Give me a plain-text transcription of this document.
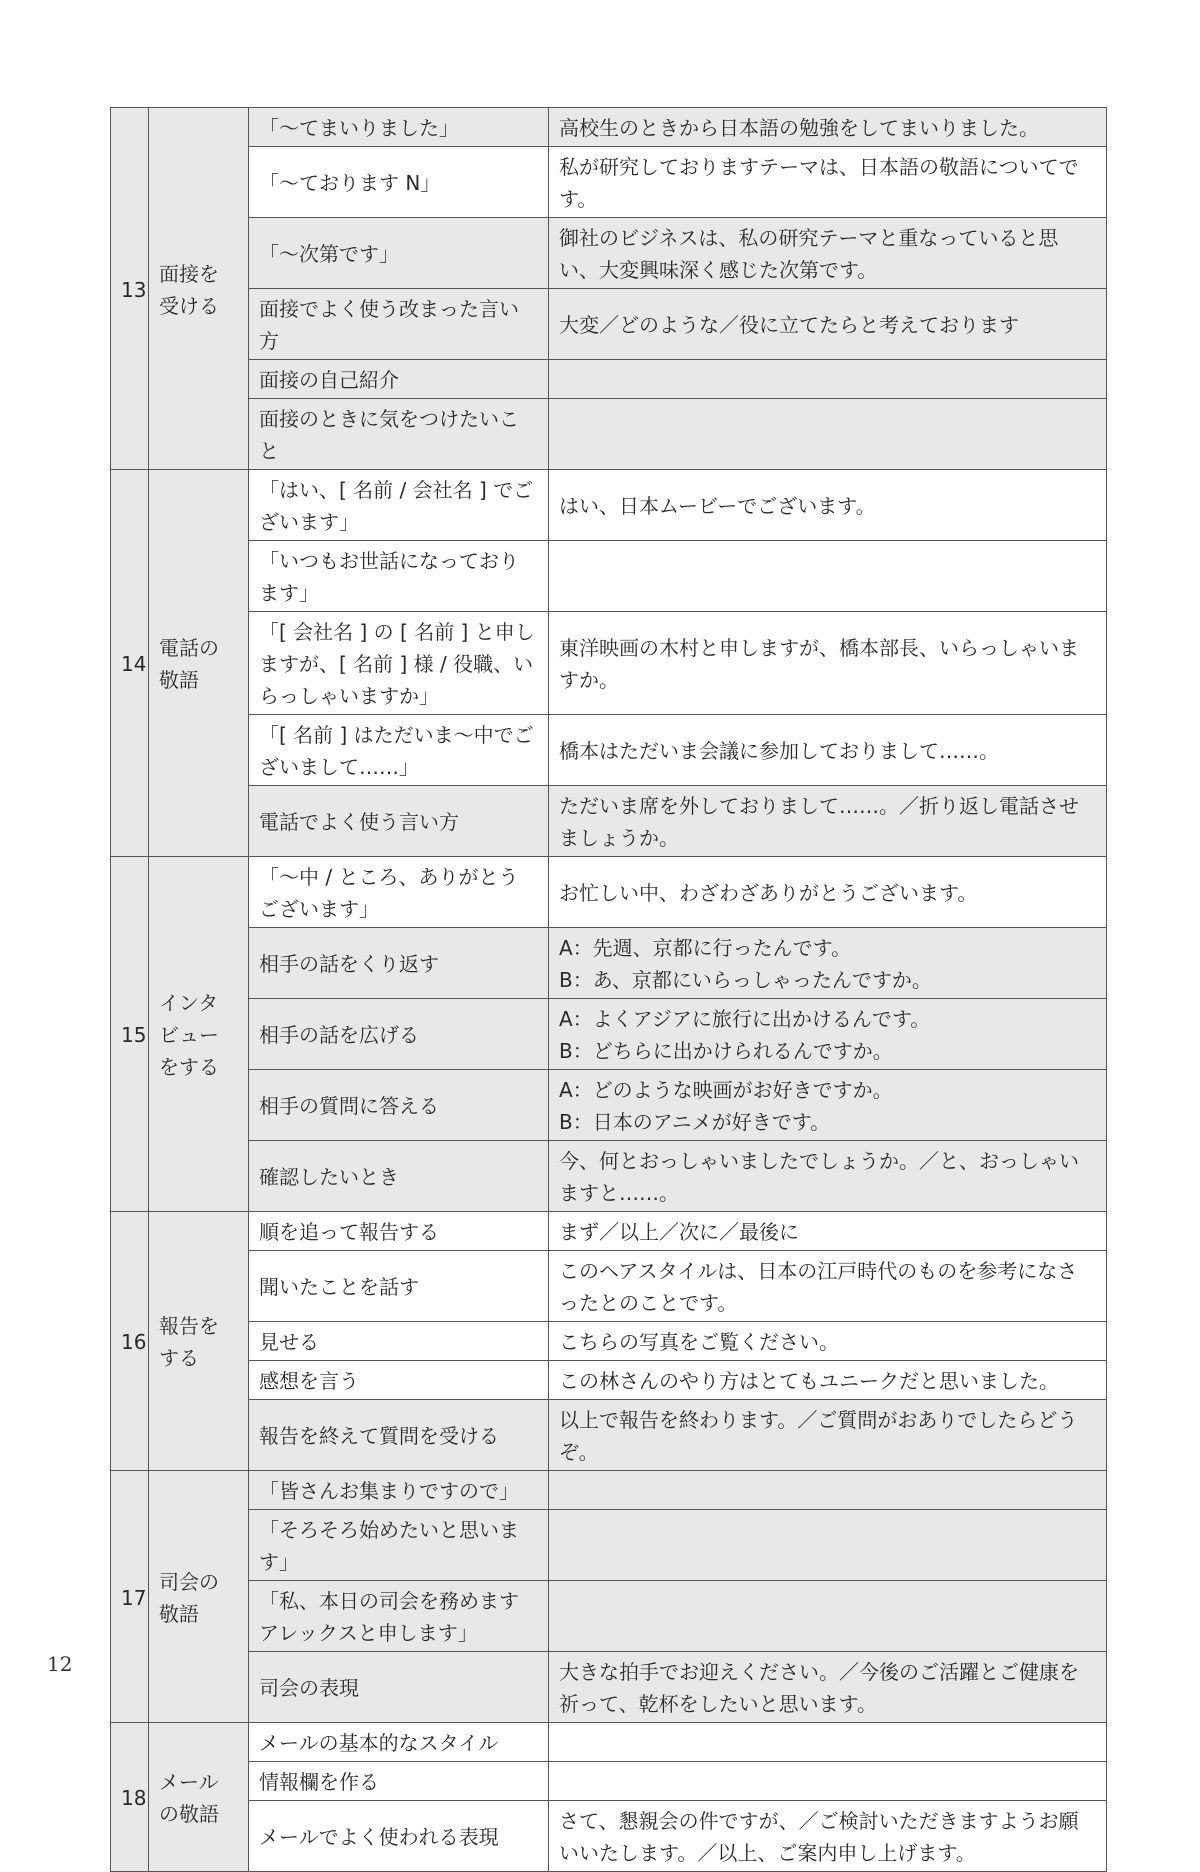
13	面接を受ける	「～てまいりました」	高校生のときから日本語の勉強をしてまいりました。
		「～ております N」	私が研究しておりますテーマは、日本語の敬語についてです。
		「～次第です」	御社のビジネスは、私の研究テーマと重なっていると思い、大変興味深く感じた次第です。
		面接でよく使う改まった言い方	大変／どのような／役に立てたらと考えております
		面接の自己紹介	
		面接のときに気をつけたいこと	
14	電話の敬語	「はい、[ 名前 / 会社名 ] でございます」	はい、日本ムービーでございます。
		「いつもお世話になっております」	
		「[ 会社名 ] の [ 名前 ] と申しますが、[ 名前 ] 様 / 役職、いらっしゃいますか」	東洋映画の木村と申しますが、橋本部長、いらっしゃいますか。
		「[ 名前 ] はただいま～中でございまして……」	橋本はただいま会議に参加しておりまして……。
		電話でよく使う言い方	ただいま席を外しておりまして……。／折り返し電話させましょうか。
15	インタビューをする	「～中 / ところ、ありがとうございます」	お忙しい中、わざわざありがとうございます。
		相手の話をくり返す	A：先週、京都に行ったんです。
B：あ、京都にいらっしゃったんですか。

		相手の話を広げる	A：よくアジアに旅行に出かけるんです。
B：どちらに出かけられるんですか。

		相手の質問に答える	A：どのような映画がお好きですか。
B：日本のアニメが好きです。

		確認したいとき	今、何とおっしゃいましたでしょうか。／と、おっしゃいますと……。
16	報告をする	順を追って報告する	まず／以上／次に／最後に
		聞いたことを話す	このヘアスタイルは、日本の江戸時代のものを参考になさったとのことです。
		見せる	こちらの写真をご覧ください。
		感想を言う	この林さんのやり方はとてもユニークだと思いました。
		報告を終えて質問を受ける	以上で報告を終わります。／ご質問がおありでしたらどうぞ。
17	司会の敬語	「皆さんお集まりですので」	
		「そろそろ始めたいと思います」	
		「私、本日の司会を務めますアレックスと申します」	
		司会の表現	大きな拍手でお迎えください。／今後のご活躍とご健康を祈って、乾杯をしたいと思います。
18	メールの敬語	メールの基本的なスタイル	
		情報欄を作る	
		メールでよく使われる表現	さて、懇親会の件ですが、／ご検討いただきますようお願いいたします。／以上、ご案内申し上げます。
12
